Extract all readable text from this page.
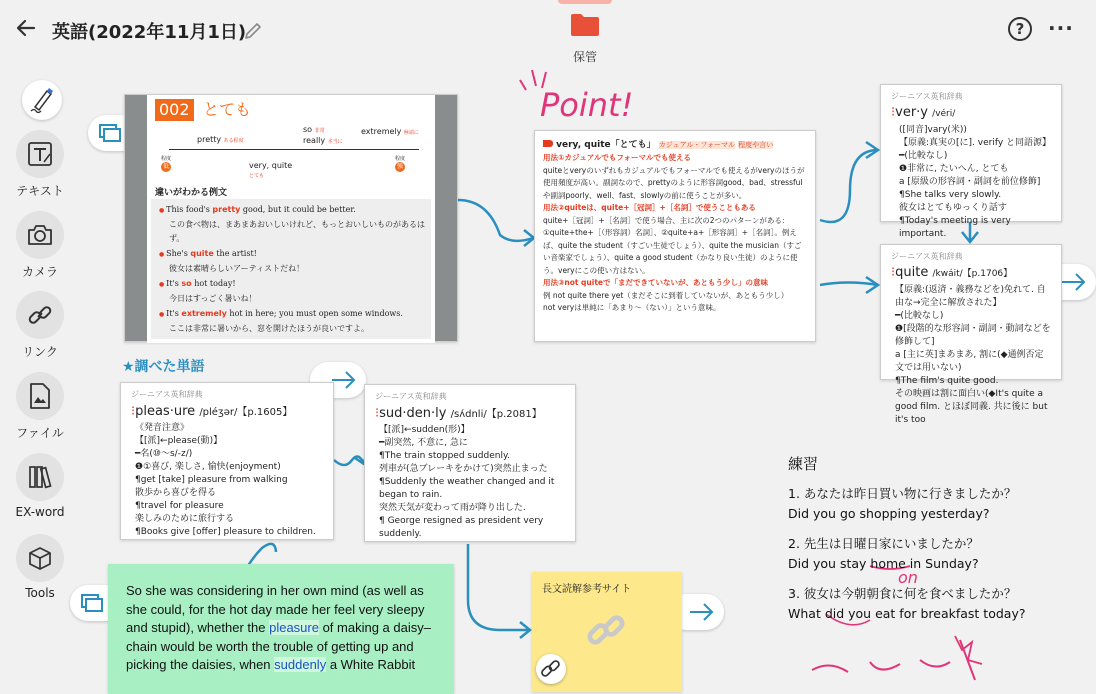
英語(2022年11月1日)
保管
?	···
テキスト
カメラ
リンク
ファイル
EX-word
Tools
Point!
★調べた単語
on
002 とても
pretty ある程度
so 非常
really 本当に
extremely 極端に
very, quite
とても
程度
低
程度
強
違いがわかる例文
● This food's pretty good, but it could be better.
この食べ物は、まあまあおいしいけれど、もっとおいしいものがあるはず。
● She's quite the artist!
彼女は素晴らしいアーティストだね！
● It's so hot today!
今日はすっごく暑いね！
● It's extremely hot in here; you must open some windows.
ここは非常に暑いから、窓を開けたほうが良いですよ。
very, quite「とても」 カジュアル・フォーマル 程度や言い
用法①カジュアルでもフォーマルでも使える
quiteとveryのいずれもカジュアルでもフォーマルでも使えるがveryのほうが使用頻度が高い。副詞なので、prettyのように形容詞good、bad、stressfulや副詞poorly、well、fast、slowlyの前に使うことが多い。
用法②quiteは、quite+［冠詞］+［名詞］で使うこともある
quite+［冠詞］+［名詞］で使う場合、主に次の2つのパターンがある：①quite+the+［（形容詞）名詞］、②quite+a+［形容詞］+［名詞］。例えば、quite the student（すごい生徒でしょう）、quite the musician（すごい音楽家でしょう）、quite a good student（かなり良い生徒）のように使う。veryにこの使い方はない。
用法③not quiteで「まだできていないが、あともう少し」の意味
例 not quite there yet（まだそこに到着していないが、あともう少し）
not veryは単純に「あまり～（ない）」という意味。
ジーニアス英和辞典
⁝ver·y /véri/
([同音]vary(米))
【原義:真実の[に]. verify と同語源】
━(比較なし)
❶非常に, たいへん, とても
a [原級の形容詞・副詞を前位修飾]
¶She talks very slowly.
彼女はとてもゆっくり話す
¶Today's meeting is very important.
ジーニアス英和辞典
⁝quite /kwáit/【p.1706】
【原義:(返済・義務などを)免れて. 自由な→完全に解放された】
━(比較なし)
❶[段階的な形容詞・副詞・動詞などを修飾して]
a [主に英]まあまあ, 割に(◆通例否定文では用いない)
¶The film's quite good.
その映画は割に面白い(◆It's quite a good film. とほぼ同義. 共に後に but it's too
ジーニアス英和辞典
⁝pleas·ure /pléʒər/【p.1605】
《発音注意》
【[派]←please(動)】
━名(⑩～s/-z/)
❶①喜び, 楽しさ, 愉快(enjoyment)
¶get [take] pleasure from walking
散歩から喜びを得る
¶travel for pleasure
楽しみのために旅行する
¶Books give [offer] pleasure to children.
ジーニアス英和辞典
⁝sud·den·ly /sʌ́dnli/【p.2081】
【[派]←sudden(形)】
━副突然, 不意に, 急に
¶The train stopped suddenly.
列車が(急ブレーキをかけて)突然止まった
¶Suddenly the weather changed and it began to rain.
突然天気が変わって雨が降り出した.
¶ George resigned as president very suddenly.
So she was considering in her own mind (as well as she could, for the hot day made her feel very sleepy and stupid), whether the pleasure of making a daisy–chain would be worth the trouble of getting up and picking the daisies, when suddenly a White Rabbit
長文読解参考サイト
練習
1. あなたは昨日買い物に行きましたか？
Did you go shopping yesterday?
2. 先生は日曜日家にいましたか？
Did you stay home in Sunday?
3. 彼女は今朝朝食に何を食べましたか？
What did you eat for breakfast today?
